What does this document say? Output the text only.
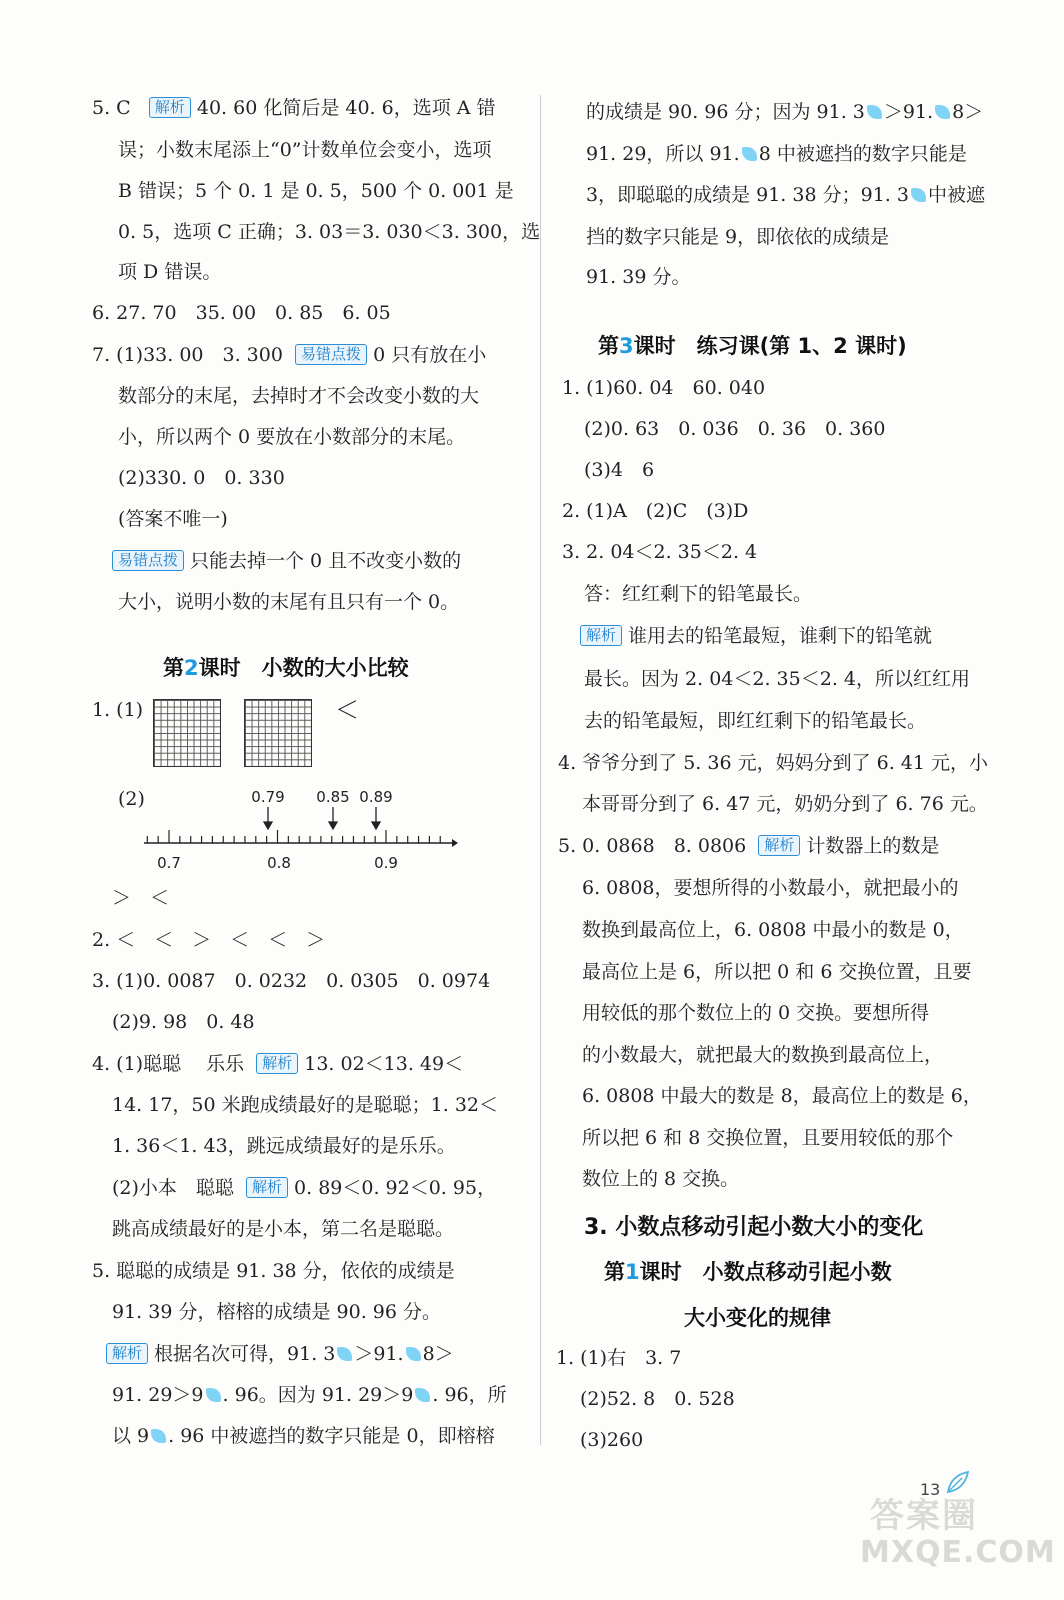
5. C 解析 40. 60 化简后是 40. 6，选项 A 错
误；小数末尾添上“0”计数单位会变小，选项
B 错误；5 个 0. 1 是 0. 5，500 个 0. 001 是
0. 5，选项 C 正确；3. 03＝3. 030＜3. 300，选
项 D 错误。
6. 27. 70　35. 00　0. 85　6. 05
7. (1)33. 00　3. 300 易错点拨 0 只有放在小
数部分的末尾，去掉时才不会改变小数的大
小，所以两个 0 要放在小数部分的末尾。
(2)330. 0　0. 330
(答案不唯一)
易错点拨 只能去掉一个 0 且不改变小数的
大小，说明小数的末尾有且只有一个 0。
第2课时　小数的大小比较
1. (1)	＜
(2)	0.79 0.85 0.89
0.7	0.8	0.9
＞　＜
2. ＜　＜　＞　＜　＜　＞
3. (1)0. 0087　0. 0232　0. 0305　0. 0974
(2)9. 98　0. 48
4. (1)聪聪　 乐乐 解析 13. 02＜13. 49＜
14. 17，50 米跑成绩最好的是聪聪；1. 32＜
1. 36＜1. 43，跳远成绩最好的是乐乐。
(2)小本　聪聪 解析 0. 89＜0. 92＜0. 95，
跳高成绩最好的是小本，第二名是聪聪。
5. 聪聪的成绩是 91. 38 分，依依的成绩是
91. 39 分，榕榕的成绩是 90. 96 分。
解析 根据名次可得，91. 3 ＞91. 8＞
91. 29＞9 . 96。因为 91. 29＞9 . 96，所
以 9 . 96 中被遮挡的数字只能是 0，即榕榕
的成绩是 90. 96 分；因为 91. 3 ＞91. 8＞
91. 29，所以 91. 8 中被遮挡的数字只能是
3，即聪聪的成绩是 91. 38 分；91. 3 中被遮
挡的数字只能是 9，即依依的成绩是
91. 39 分。
第3课时　练习课(第 1、2 课时)
1. (1)60. 04　60. 040
(2)0. 63　0. 036　0. 36　0. 360
(3)4　6
2. (1)A　(2)C　(3)D
3. 2. 04＜2. 35＜2. 4
答：红红剩下的铅笔最长。
解析 谁用去的铅笔最短，谁剩下的铅笔就
最长。因为 2. 04＜2. 35＜2. 4，所以红红用
去的铅笔最短，即红红剩下的铅笔最长。
4. 爷爷分到了 5. 36 元，妈妈分到了 6. 41 元，小
本哥哥分到了 6. 47 元，奶奶分到了 6. 76 元。
5. 0. 0868　8. 0806 解析 计数器上的数是
6. 0808，要想所得的小数最小，就把最小的
数换到最高位上，6. 0808 中最小的数是 0，
最高位上是 6，所以把 0 和 6 交换位置，且要
用较低的那个数位上的 0 交换。要想所得
的小数最大，就把最大的数换到最高位上，
6. 0808 中最大的数是 8，最高位上的数是 6，
所以把 6 和 8 交换位置，且要用较低的那个
数位上的 8 交换。
3. 小数点移动引起小数大小的变化
第1课时　小数点移动引起小数
大小变化的规律
1. (1)右　3. 7
(2)52. 8　0. 528
(3)260
答案圈
MXQE.COM
13
